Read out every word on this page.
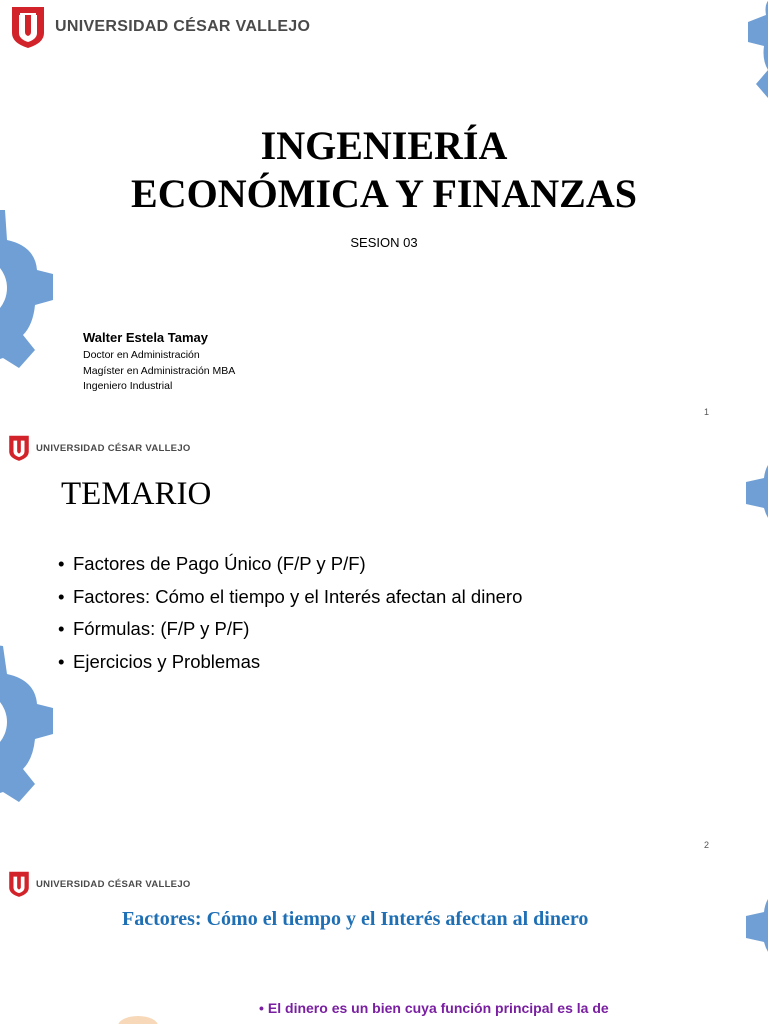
UNIVERSIDAD CÉSAR VALLEJO
INGENIERÍA
ECONÓMICA Y FINANZAS
SESION 03
Walter Estela Tamay
Doctor en Administración
Magíster en Administración MBA
Ingeniero Industrial
1
UNIVERSIDAD CÉSAR VALLEJO
TEMARIO
• Factores de Pago Único (F/P y P/F)
• Factores: Cómo el tiempo y el Interés afectan al dinero
• Fórmulas: (F/P y P/F)
• Ejercicios y Problemas
2
UNIVERSIDAD CÉSAR VALLEJO
Factores: Cómo el tiempo y el Interés afectan al dinero
• El dinero es un bien cuya función principal es la de
